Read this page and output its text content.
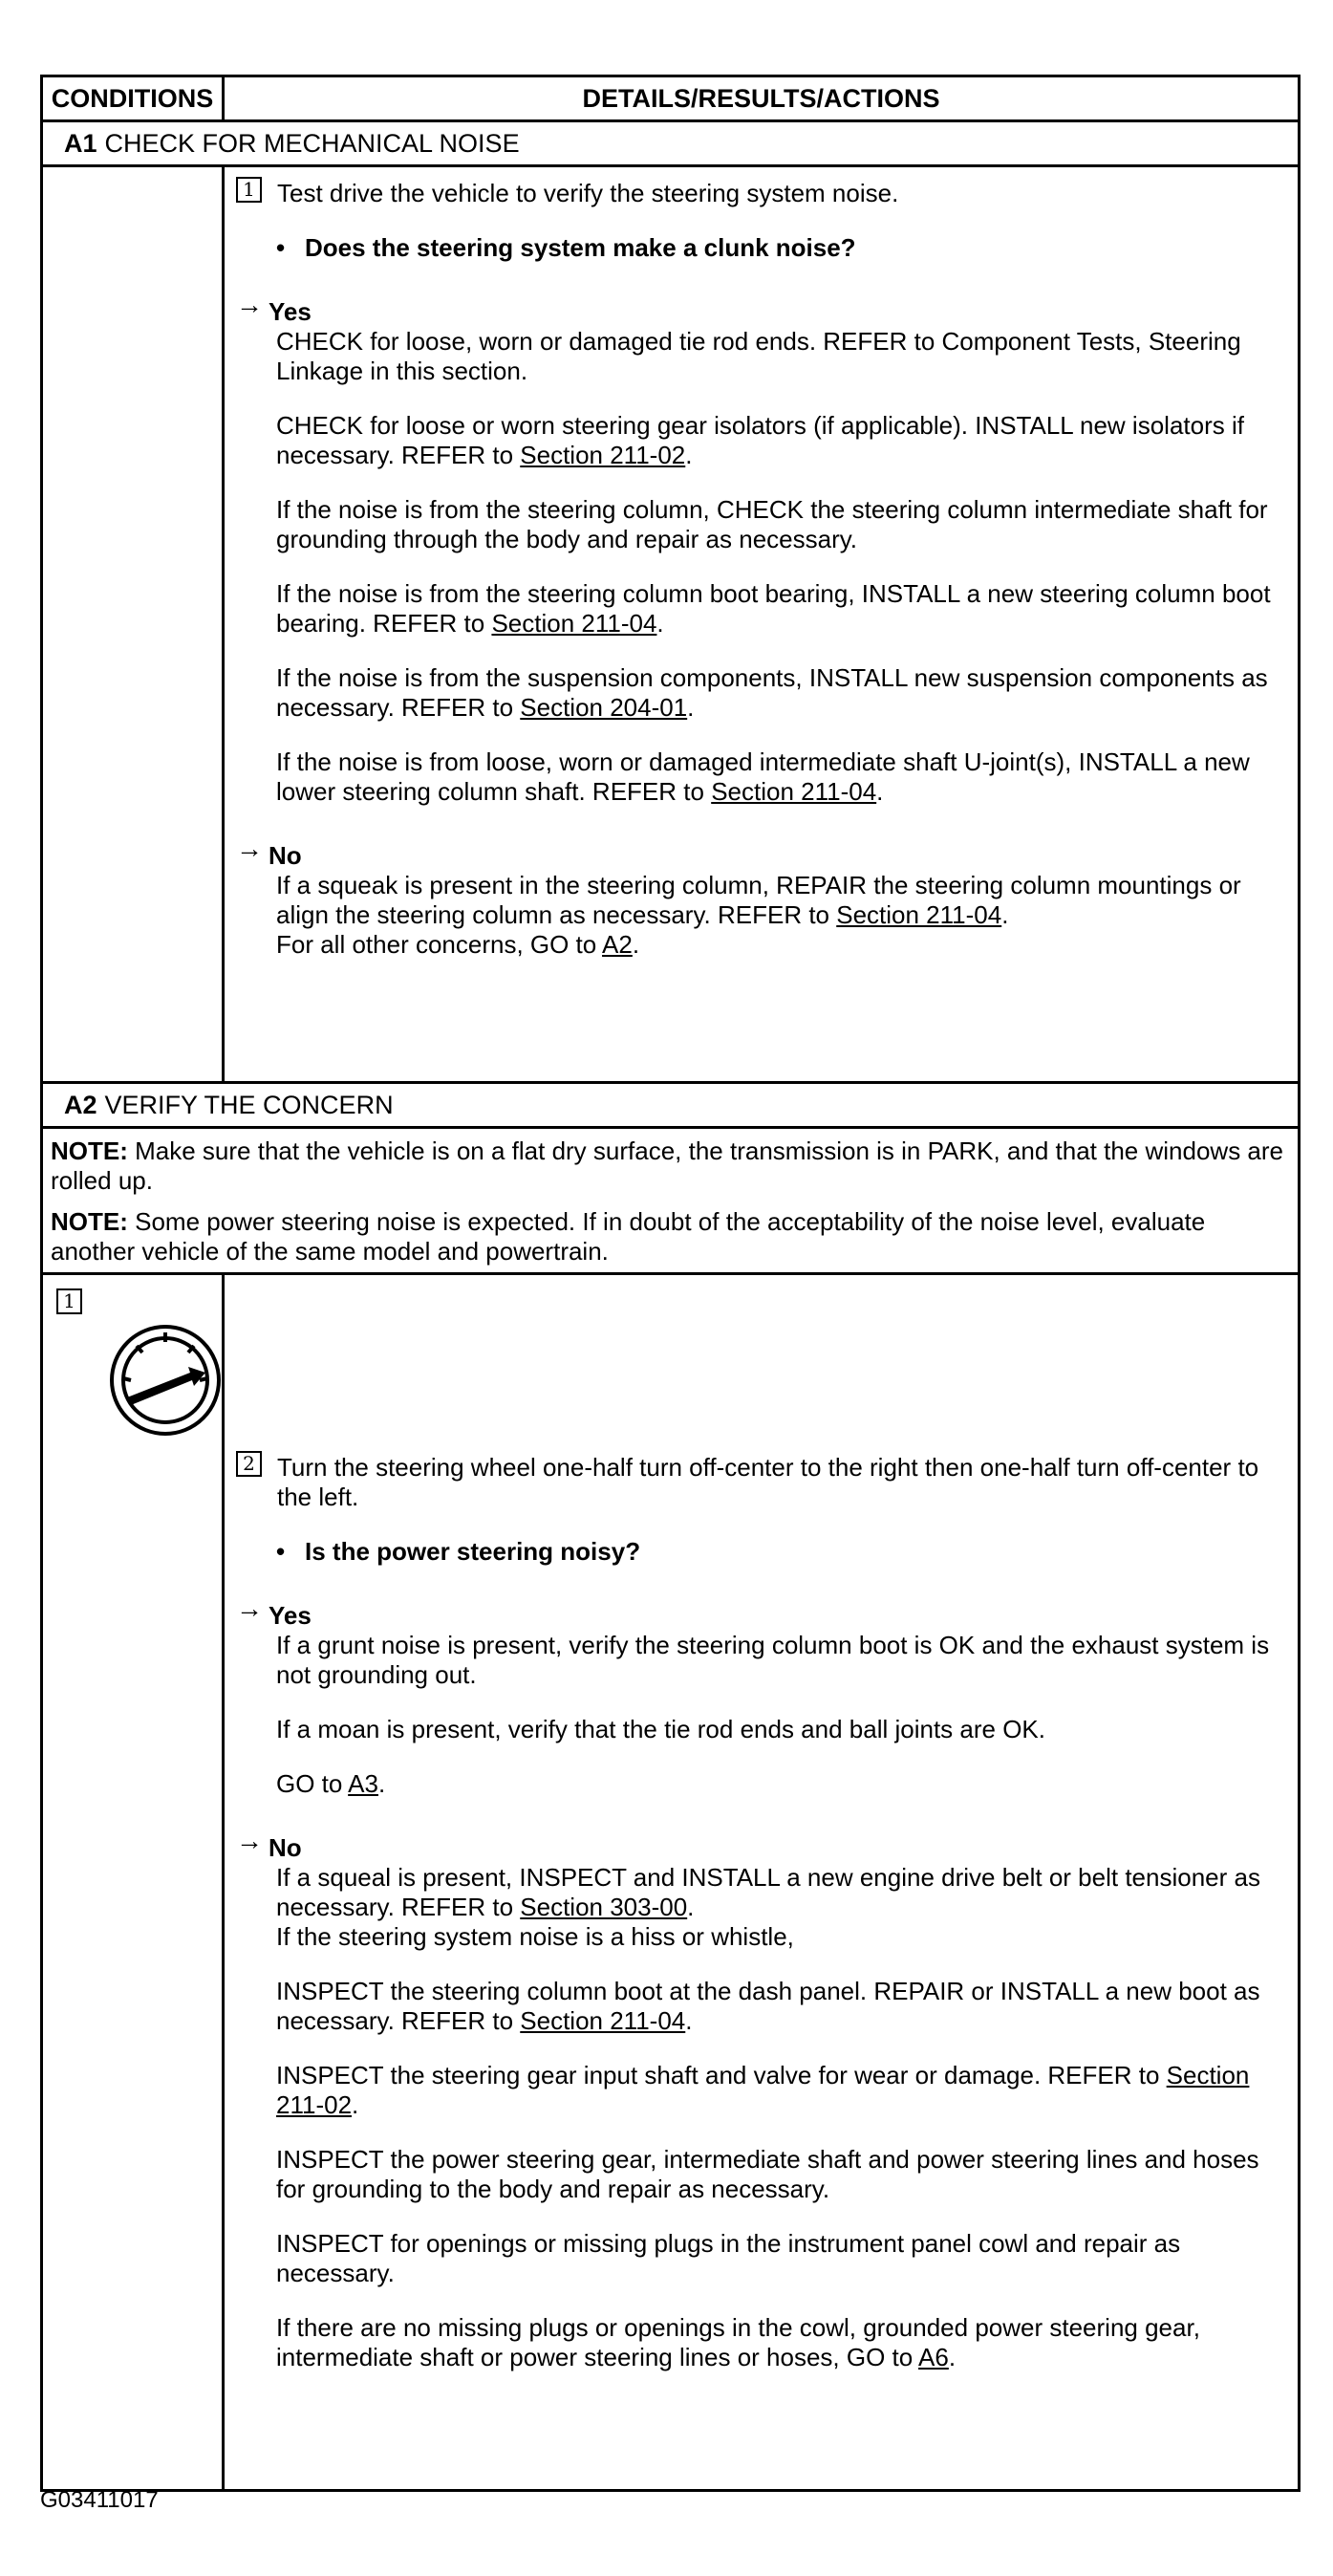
CONDITIONS	DETAILS/RESULTS/ACTIONS
A1 CHECK FOR MECHANICAL NOISE
1 Test drive the vehicle to verify the steering system noise.
• Does the steering system make a clunk noise?
→ Yes

CHECK for loose, worn or damaged tie rod ends. REFER to Component Tests, Steering Linkage in this section.

CHECK for loose or worn steering gear isolators (if applicable). INSTALL new isolators if necessary. REFER to Section 211-02.

If the noise is from the steering column, CHECK the steering column intermediate shaft for grounding through the body and repair as necessary.

If the noise is from the steering column boot bearing, INSTALL a new steering column boot bearing. REFER to Section 211-04.

If the noise is from the suspension components, INSTALL new suspension components as necessary. REFER to Section 204-01.

If the noise is from loose, worn or damaged intermediate shaft U-joint(s), INSTALL a new lower steering column shaft. REFER to Section 211-04.

→ No
If a squeak is present in the steering column, REPAIR the steering column mountings or align the steering column as necessary. REFER to Section 211-04.
For all other concerns, GO to A2.
A2 VERIFY THE CONCERN

NOTE: Make sure that the vehicle is on a flat dry surface, the transmission is in PARK, and that the windows are rolled up.

NOTE: Some power steering noise is expected. If in doubt of the acceptability of the noise level, evaluate another vehicle of the same model and powertrain.

1
2 Turn the steering wheel one-half turn off-center to the right then one-half turn off-center to the left.
• Is the power steering noisy?
→ Yes

If a grunt noise is present, verify the steering column boot is OK and the exhaust system is not grounding out.

If a moan is present, verify that the tie rod ends and ball joints are OK.

GO to A3.

→ No

If a squeal is present, INSPECT and INSTALL a new engine drive belt or belt tensioner as necessary. REFER to Section 303-00.
If the steering system noise is a hiss or whistle,

INSPECT the steering column boot at the dash panel. REPAIR or INSTALL a new boot as necessary. REFER to Section 211-04.

INSPECT the steering gear input shaft and valve for wear or damage. REFER to Section 211-02.

INSPECT the power steering gear, intermediate shaft and power steering lines and hoses for grounding to the body and repair as necessary.

INSPECT for openings or missing plugs in the instrument panel cowl and repair as necessary.

If there are no missing plugs or openings in the cowl, grounded power steering gear, intermediate shaft or power steering lines or hoses, GO to A6.

G03411017
